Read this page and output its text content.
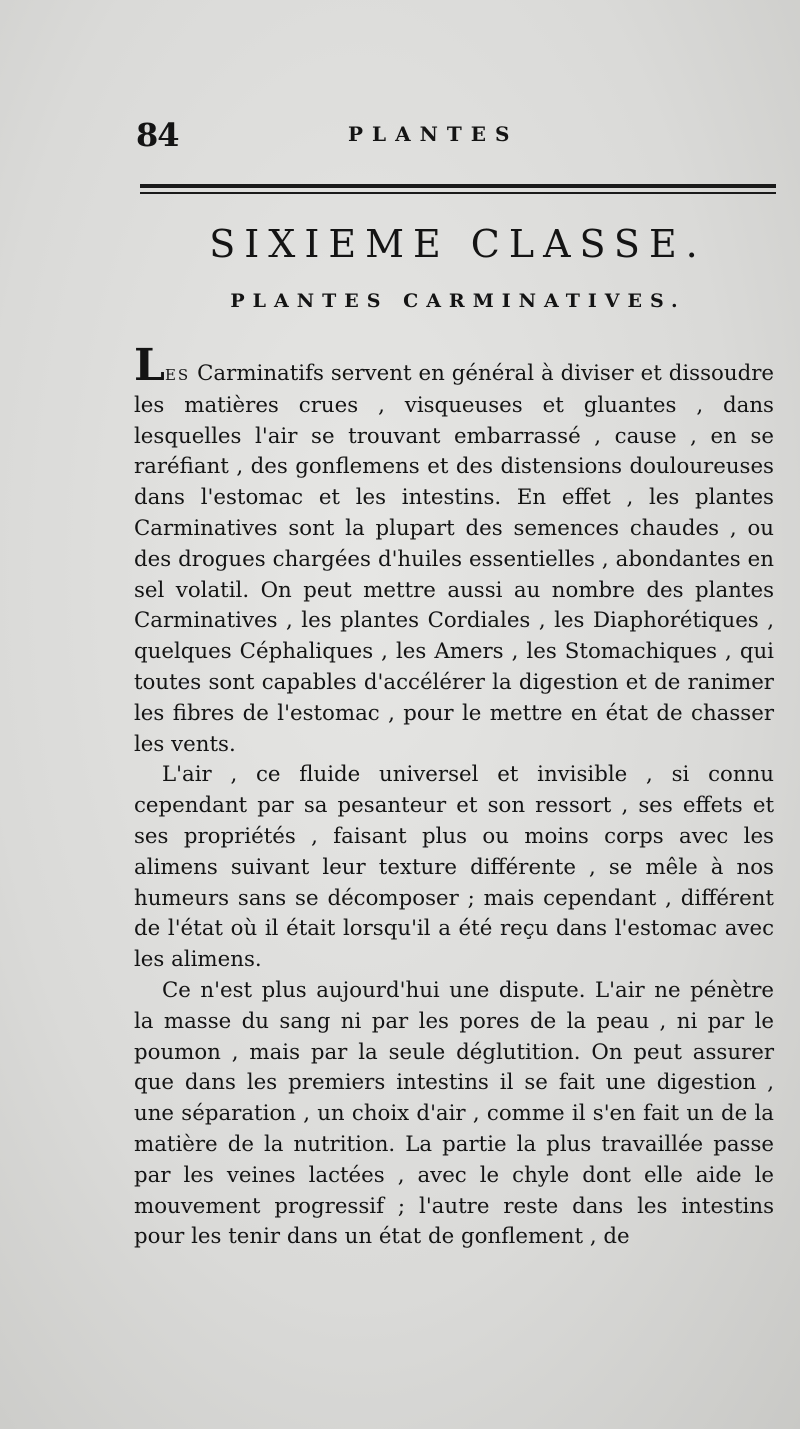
84	PLANTES
SIXIEME CLASSE.
PLANTES CARMINATIVES.

LES Carminatifs servent en général à diviser et dissoudre les matières crues , visqueuses et gluantes , dans lesquelles l'air se trouvant embarrassé , cause , en se raréfiant , des gonflemens et des distensions douloureuses dans l'estomac et les intestins. En effet , les plantes Carminatives sont la plupart des semences chaudes , ou des drogues chargées d'huiles essentielles , abondantes en sel volatil. On peut mettre aussi au nombre des plantes Carminatives , les plantes Cordiales , les Diaphorétiques , quelques Céphaliques , les Amers , les Stomachiques , qui toutes sont capables d'accélérer la digestion et de ranimer les fibres de l'estomac , pour le mettre en état de chasser les vents.

L'air , ce fluide universel et invisible , si connu cependant par sa pesanteur et son ressort , ses effets et ses propriétés , faisant plus ou moins corps avec les alimens suivant leur texture différente , se mêle à nos humeurs sans se décomposer ; mais cependant , différent de l'état où il était lorsqu'il a été reçu dans l'estomac avec les alimens.

Ce n'est plus aujourd'hui une dispute. L'air ne pénètre la masse du sang ni par les pores de la peau , ni par le poumon , mais par la seule déglutition. On peut assurer que dans les premiers intestins il se fait une digestion , une séparation , un choix d'air , comme il s'en fait un de la matière de la nutrition. La partie la plus travaillée passe par les veines lactées , avec le chyle dont elle aide le mouvement progressif ; l'autre reste dans les intestins pour les tenir dans un état de gonflement , de
